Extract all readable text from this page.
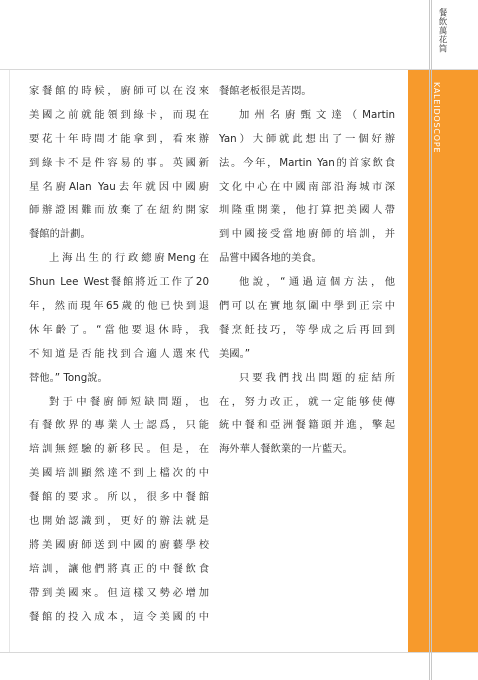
餐飲萬花筒
KALEIDOSCOPE
家餐館的時候，廚師可以在沒來
美國之前就能領到綠卡，而現在
要花十年時間才能拿到，看來辦
到綠卡不是件容易的事。英國新
星名廚Alan Yau去年就因中國廚
師辦證困難而放棄了在紐約開家
餐館的計劃。
上海出生的行政總廚Meng在
Shun Lee West餐館將近工作了20
年，然而現年65歲的他已快到退
休年齡了。“當他要退休時，我
不知道是否能找到合適人選來代
替他。” Tong說。
對于中餐廚師短缺問題，也
有餐飲界的專業人士認爲，只能
培訓無經驗的新移民。但是，在
美國培訓顯然達不到上檔次的中
餐館的要求。所以，很多中餐館
也開始認識到，更好的辦法就是
將美國廚師送到中國的廚藝學校
培訓，讓他們將真正的中餐飲食
帶到美國來。但這樣又勢必增加
餐館的投入成本，這令美國的中
餐館老板很是苦悶。
加州名廚甄文達（Martin
Yan）大師就此想出了一個好辦
法。今年，Martin Yan的首家飲食
文化中心在中國南部沿海城市深
圳隆重開業，他打算把美國人帶
到中國接受當地廚師的培訓，并
品嘗中國各地的美食。
他說，“通過這個方法，他
們可以在實地氛圍中學到正宗中
餐烹飪技巧，等學成之后再回到
美國。”
只要我們找出問題的症結所
在，努力改正，就一定能够使傳
統中餐和亞洲餐籍頭并進，擎起
海外華人餐飲業的一片藍天。
